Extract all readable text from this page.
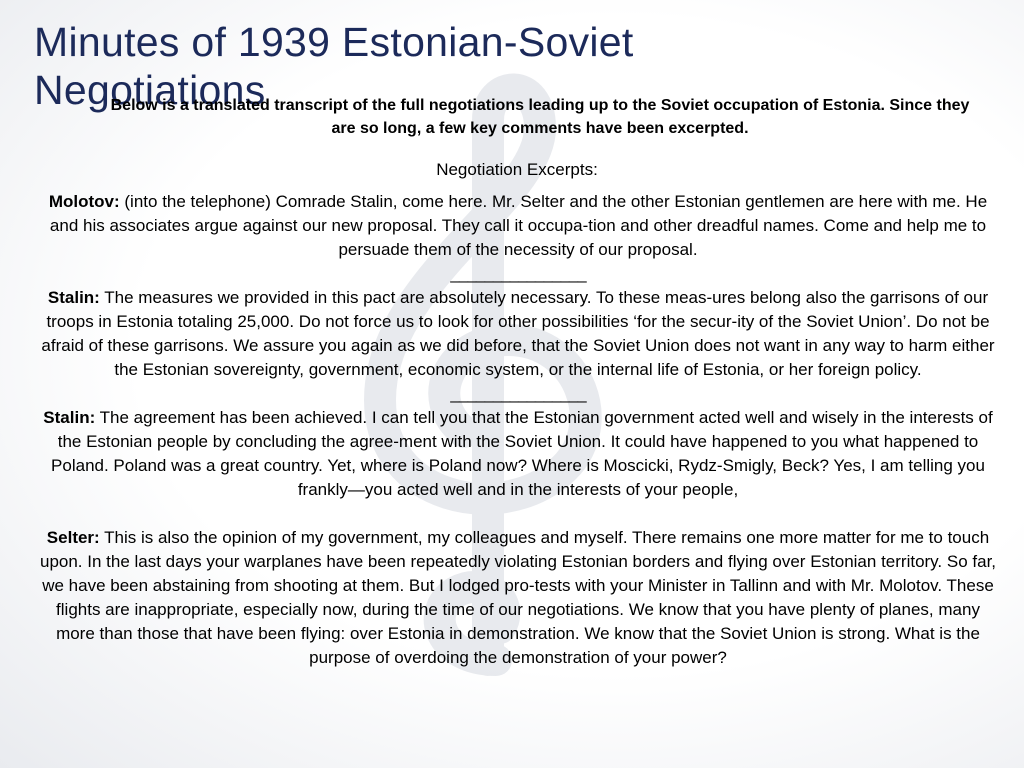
Minutes of 1939 Estonian-Soviet Negotiations

Below is a translated transcript of the full negotiations leading up to the Soviet occupation of Estonia. Since they are so long, a few key comments have been excerpted.

Negotiation Excerpts:

Molotov: (into the telephone) Comrade Stalin, come here. Mr. Selter and the other Estonian gentlemen are here with me. He and his associates argue against our new proposal. They call it occupa-tion and other dreadful names. Come and help me to persuade them of the necessity of our proposal.

________________

Stalin: The measures we provided in this pact are absolutely necessary. To these meas-ures belong also the garrisons of our troops in Estonia totaling 25,000. Do not force us to look for other possibilities ‘for the secur-ity of the Soviet Union’. Do not be afraid of these garrisons. We assure you again as we did before, that the Soviet Union does not want in any way to harm either the Estonian sovereignty, government, economic system, or the internal life of Estonia, or her foreign policy.

________________

Stalin: The agreement has been achieved. I can tell you that the Estonian government acted well and wisely in the interests of the Estonian people by concluding the agree-ment with the Soviet Union. It could have happened to you what happened to Poland. Poland was a great country. Yet, where is Poland now? Where is Moscicki, Rydz-Smigly, Beck? Yes, I am telling you frankly—you acted well and in the interests of your people,

Selter: This is also the opinion of my government, my colleagues and myself. There remains one more matter for me to touch upon. In the last days your warplanes have been repeatedly violating Estonian borders and flying over Estonian territory. So far, we have been abstaining from shooting at them. But I lodged pro-tests with your Minister in Tallinn and with Mr. Molotov. These flights are inappropriate, especially now, during the time of our negotiations. We know that you have plenty of planes, many more than those that have been flying: over Estonia in demonstration. We know that the Soviet Union is strong. What is the purpose of overdoing the demonstration of your power?
